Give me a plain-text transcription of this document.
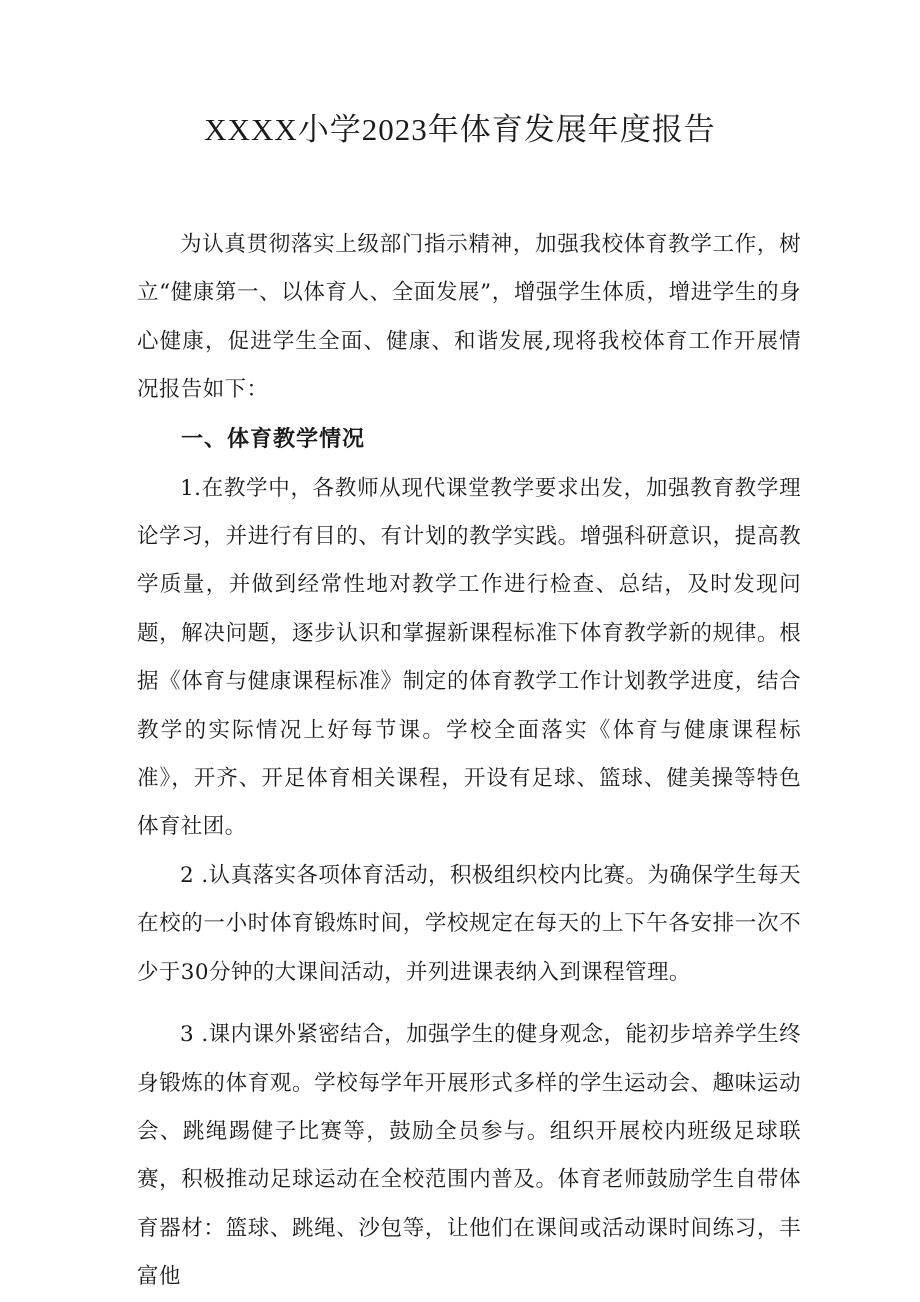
XXXX小学2023年体育发展年度报告

为认真贯彻落实上级部门指示精神，加强我校体育教学工作，树立“健康第一、以体育人、全面发展”，增强学生体质，增进学生的身心健康，促进学生全面、健康、和谐发展,现将我校体育工作开展情况报告如下：

一、体育教学情况

1.在教学中，各教师从现代课堂教学要求出发，加强教育教学理论学习，并进行有目的、有计划的教学实践。增强科研意识，提高教学质量，并做到经常性地对教学工作进行检查、总结，及时发现问题，解决问题，逐步认识和掌握新课程标准下体育教学新的规律。根据《体育与健康课程标准》制定的体育教学工作计划教学进度，结合教学的实际情况上好每节课。学校全面落实《体育与健康课程标准》，开齐、开足体育相关课程，开设有足球、篮球、健美操等特色体育社团。

2 .认真落实各项体育活动，积极组织校内比赛。为确保学生每天在校的一小时体育锻炼时间，学校规定在每天的上下午各安排一次不少于30分钟的大课间活动，并列进课表纳入到课程管理。

3 .课内课外紧密结合，加强学生的健身观念，能初步培养学生终身锻炼的体育观。学校每学年开展形式多样的学生运动会、趣味运动会、跳绳踢健子比赛等，鼓励全员参与。组织开展校内班级足球联赛，积极推动足球运动在全校范围内普及。体育老师鼓励学生自带体育器材：篮球、跳绳、沙包等，让他们在课间或活动课时间练习，丰富他
